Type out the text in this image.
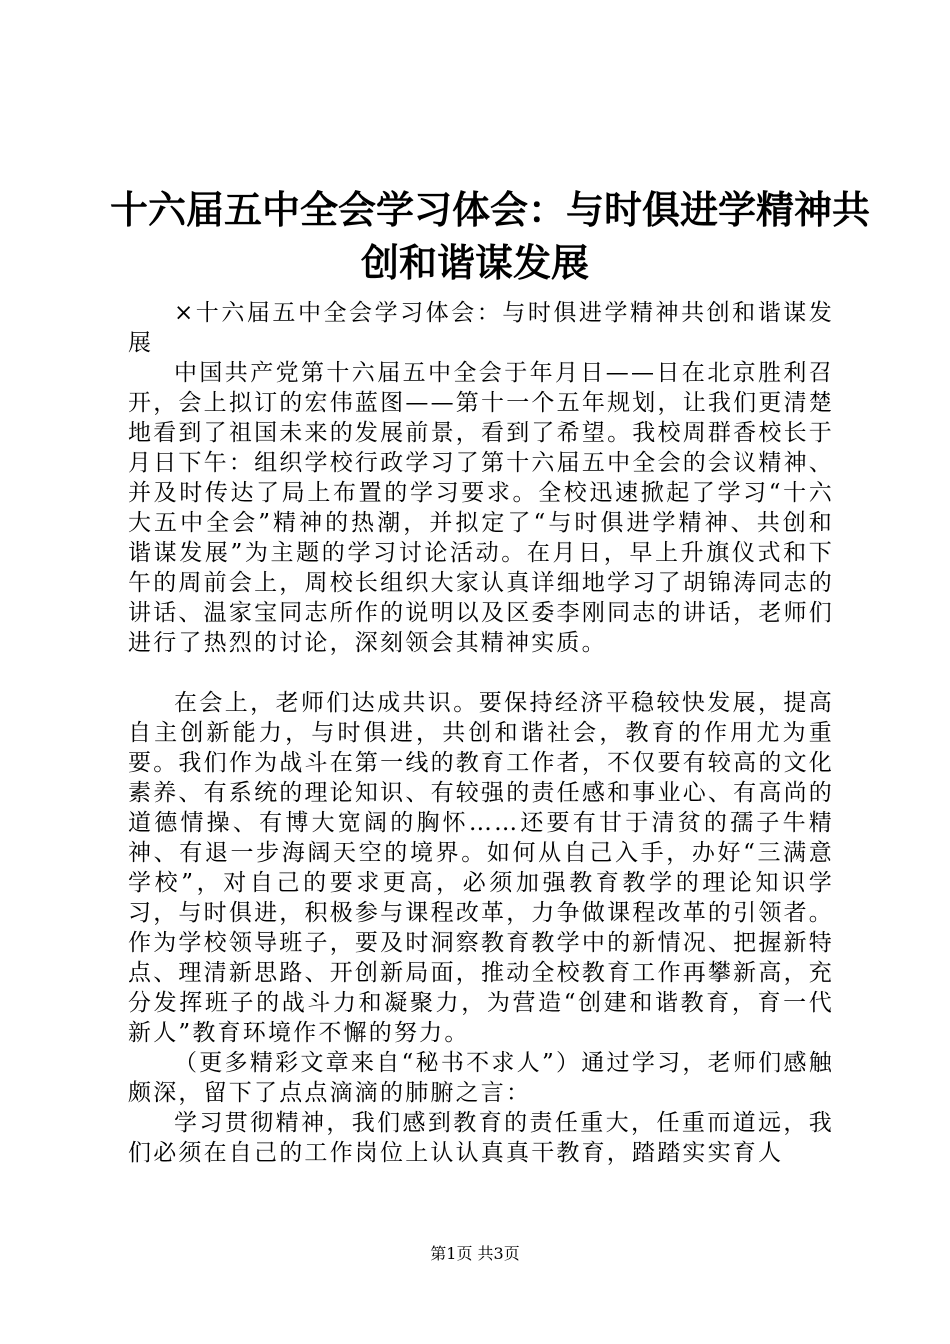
十六届五中全会学习体会：与时俱进学精神共
创和谐谋发展

×十六届五中全会学习体会：与时俱进学精神共创和谐谋发展

中国共产党第十六届五中全会于年月日——日在北京胜利召开，会上拟订的宏伟蓝图——第十一个五年规划，让我们更清楚地看到了祖国未来的发展前景，看到了希望。我校周群香校长于月日下午：组织学校行政学习了第十六届五中全会的会议精神、并及时传达了局上布置的学习要求。全校迅速掀起了学习“十六大五中全会”精神的热潮，并拟定了“与时俱进学精神、共创和谐谋发展”为主题的学习讨论活动。在月日，早上升旗仪式和下午的周前会上，周校长组织大家认真详细地学习了胡锦涛同志的讲话、温家宝同志所作的说明以及区委李刚同志的讲话，老师们进行了热烈的讨论，深刻领会其精神实质。

在会上，老师们达成共识。要保持经济平稳较快发展，提高自主创新能力，与时俱进，共创和谐社会，教育的作用尤为重要。我们作为战斗在第一线的教育工作者，不仅要有较高的文化素养、有系统的理论知识、有较强的责任感和事业心、有高尚的道德情操、有博大宽阔的胸怀……还要有甘于清贫的孺子牛精神、有退一步海阔天空的境界。如何从自己入手，办好“三满意学校”，对自己的要求更高，必须加强教育教学的理论知识学习，与时俱进，积极参与课程改革，力争做课程改革的引领者。作为学校领导班子，要及时洞察教育教学中的新情况、把握新特点、理清新思路、开创新局面，推动全校教育工作再攀新高，充分发挥班子的战斗力和凝聚力，为营造“创建和谐教育，育一代新人”教育环境作不懈的努力。

（更多精彩文章来自“秘书不求人”）通过学习，老师们感触颇深，留下了点点滴滴的肺腑之言：

学习贯彻精神，我们感到教育的责任重大，任重而道远，我们必须在自己的工作岗位上认认真真干教育，踏踏实实育人

第1页 共3页
